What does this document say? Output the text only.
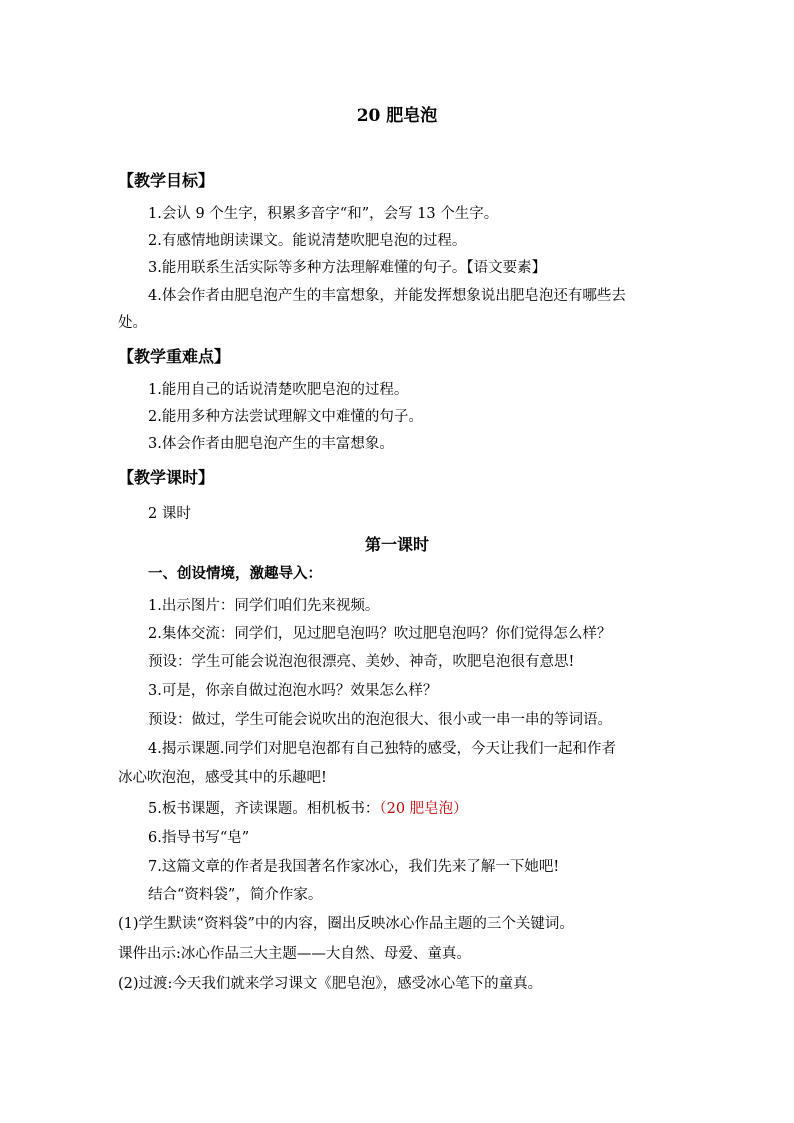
20 肥皂泡
【教学目标】
1.会认 9 个生字，积累多音字“和”，会写 13 个生字。
2.有感情地朗读课文。能说清楚吹肥皂泡的过程。
3.能用联系生活实际等多种方法理解难懂的句子。【语文要素】
4.体会作者由肥皂泡产生的丰富想象，并能发挥想象说出肥皂泡还有哪些去
处。
【教学重难点】
1.能用自己的话说清楚吹肥皂泡的过程。
2.能用多种方法尝试理解文中难懂的句子。
3.体会作者由肥皂泡产生的丰富想象。
【教学课时】
2 课时
第一课时
一、创设情境，激趣导入：
1.出示图片：同学们咱们先来视频。
2.集体交流：同学们，见过肥皂泡吗？吹过肥皂泡吗？你们觉得怎么样？
预设：学生可能会说泡泡很漂亮、美妙、神奇，吹肥皂泡很有意思!
3.可是，你亲自做过泡泡水吗？效果怎么样？
预设：做过，学生可能会说吹出的泡泡很大、很小或一串一串的等词语。
4.揭示课题.同学们对肥皂泡都有自己独特的感受，今天让我们一起和作者
冰心吹泡泡，感受其中的乐趣吧!
5.板书课题，齐读课题。相机板书：（20 肥皂泡）
6.指导书写“皂”
7.这篇文章的作者是我国著名作家冰心，我们先来了解一下她吧!
结合“资料袋”，简介作家。
(1)学生默读“资料袋”中的内容，圈出反映冰心作品主题的三个关键词。
课件出示:冰心作品三大主题——大自然、母爱、童真。
(2)过渡:今天我们就来学习课文《肥皂泡》，感受冰心笔下的童真。
